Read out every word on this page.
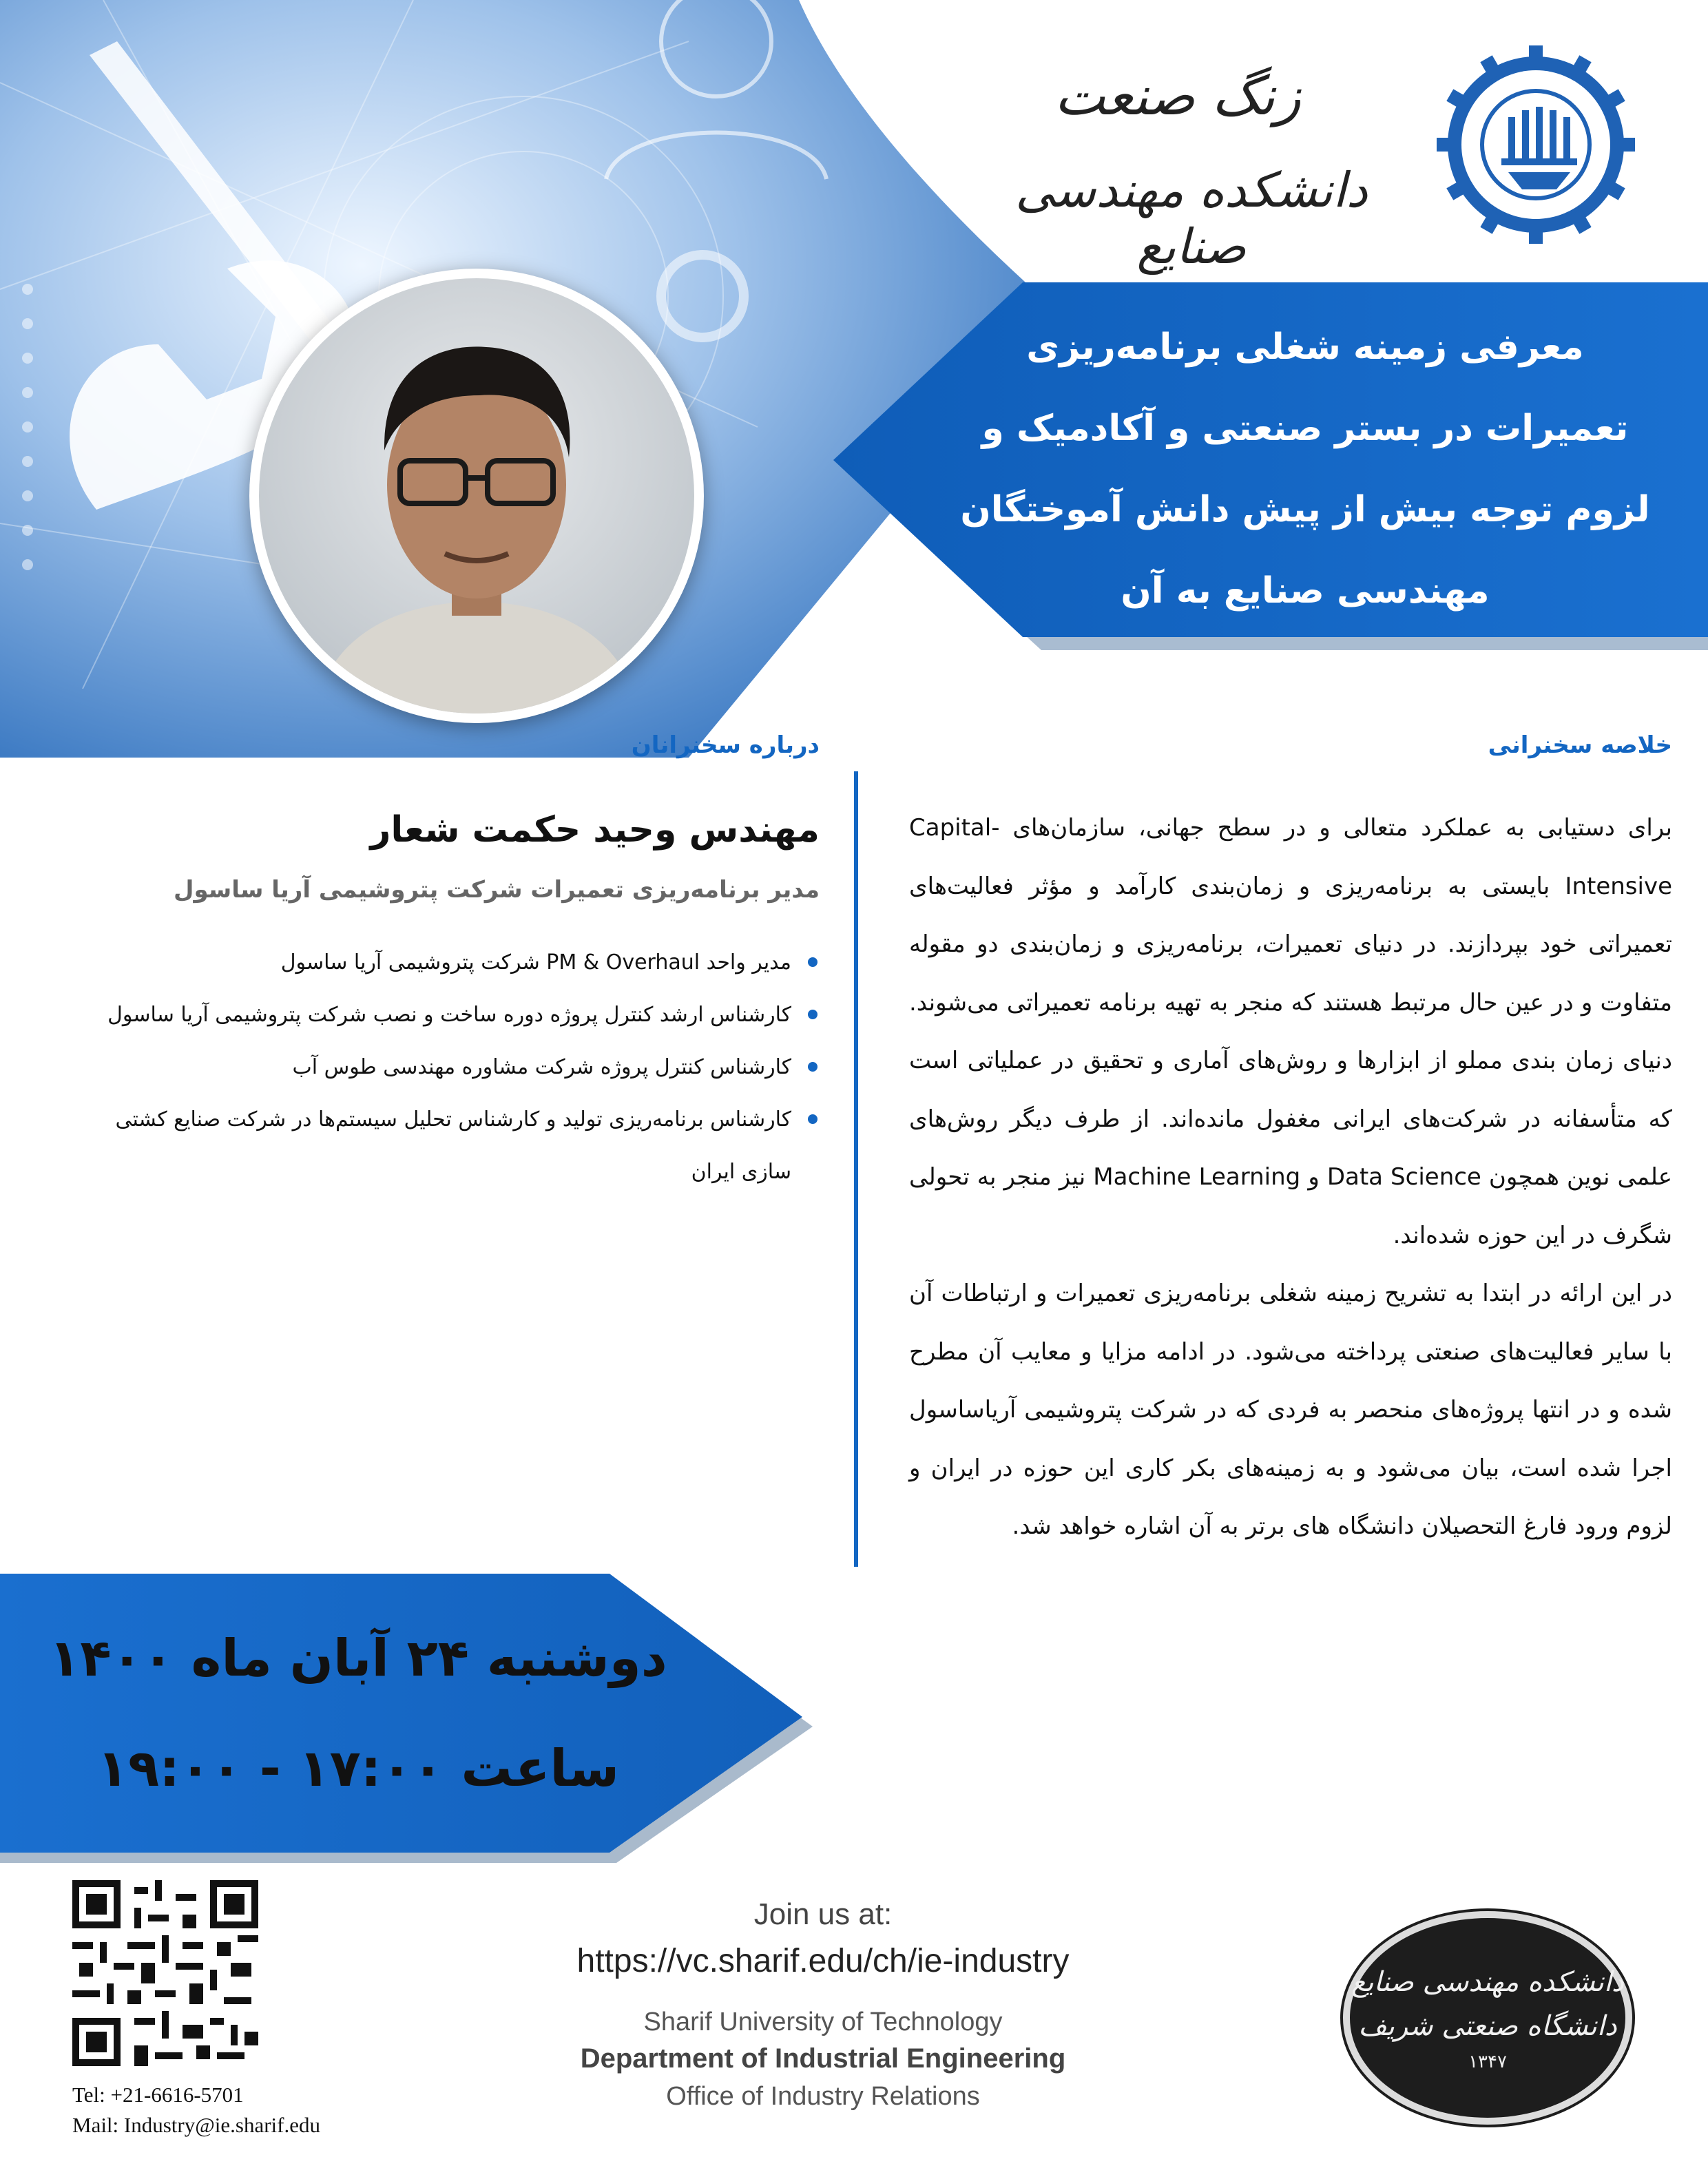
زنگ صنعت
دانشکده مهندسی صنایع
معرفی زمینه شغلی برنامه‌ریزی
تعمیرات در بستر صنعتی و آکادمیک و
لزوم توجه بیش از پیش دانش آموختگان
مهندسی صنایع به آن
خلاصه سخنرانی
درباره سخنرانان

برای دستیابی به عملکرد متعالی و در سطح جهانی، سازمان‌های Capital-Intensive بایستی به برنامه‌ریزی و زمان‌بندی کارآمد و مؤثر فعالیت‌های تعمیراتی خود بپردازند. در دنیای تعمیرات، برنامه‌ریزی و زمان‌بندی دو مقوله متفاوت و در عین حال مرتبط هستند که منجر به تهیه برنامه تعمیراتی می‌شوند. دنیای زمان بندی مملو از ابزارها و روش‌های آماری و تحقیق در عملیاتی است که متأسفانه در شرکت‌های ایرانی مغفول مانده‌اند. از طرف دیگر روش‌های علمی نوین همچون Data Science و Machine Learning نیز منجر به تحولی شگرف در این حوزه شده‌اند.

در این ارائه در ابتدا به تشریح زمینه شغلی برنامه‌ریزی تعمیرات و ارتباطات آن با سایر فعالیت‌های صنعتی پرداخته می‌شود. در ادامه مزایا و معایب آن مطرح شده و در انتها پروژه‌های منحصر به فردی که در شرکت پتروشیمی آریاساسول اجرا شده است، بیان می‌شود و به زمینه‌های بکر کاری این حوزه در ایران و لزوم ورود فارغ التحصیلان دانشگاه های برتر به آن اشاره خواهد شد.

مهندس وحید حکمت شعار
مدیر برنامه‌ریزی تعمیرات شرکت پتروشیمی آریا ساسول
مدیر واحد PM & Overhaul شرکت پتروشیمی آریا ساسول
کارشناس ارشد کنترل پروژه دوره ساخت و نصب شرکت پتروشیمی آریا ساسول
کارشناس کنترل پروژه شرکت مشاوره مهندسی طوس آب
کارشناس برنامه‌ریزی تولید و کارشناس تحلیل سیستم‌ها در شرکت صنایع کشتی سازی ایران
دوشنبه ۲۴ آبان ماه ۱۴۰۰
ساعت ۱۷:۰۰ - ۱۹:۰۰
Tel: +21-6616-5701
Mail: Industry@ie.sharif.edu
Join us at:
https://vc.sharif.edu/ch/ie-industry
Sharif University of Technology
Department of Industrial Engineering
Office of Industry Relations
دانشکده مهندسی صنایع
دانشگاه صنعتی شریف
۱۳۴۷
